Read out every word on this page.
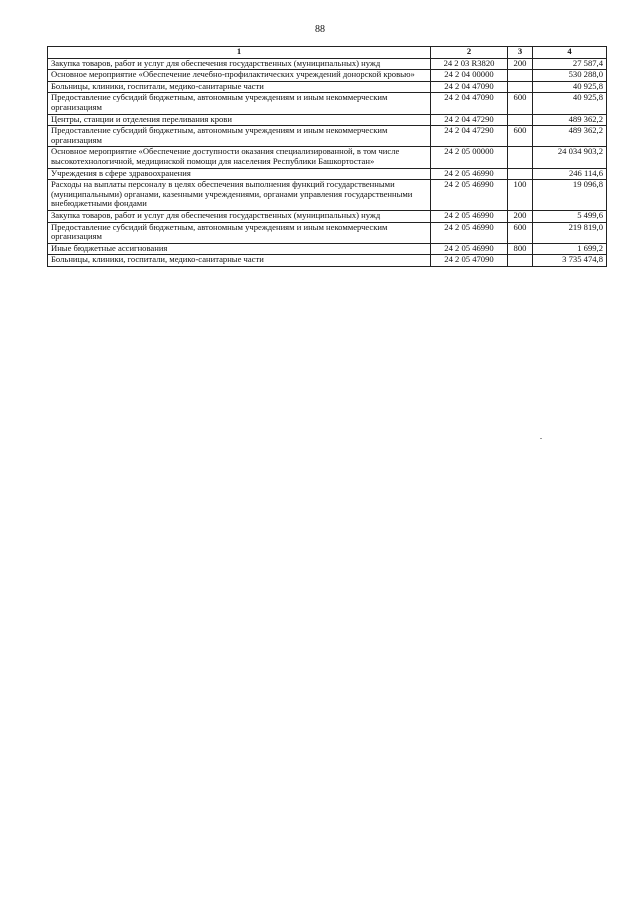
88
1	2	3	4
Закупка товаров, работ и услуг для обеспечения государственных (муниципальных) нужд	24 2 03 R3820	200	27 587,4
Основное мероприятие «Обеспечение лечебно-профилактических учреждений донорской кровью»	24 2 04 00000		530 288,0
Больницы, клиники, госпитали, медико-санитарные части	24 2 04 47090		40 925,8
Предоставление субсидий бюджетным, автономным учреждениям и иным некоммерческим организациям	24 2 04 47090	600	40 925,8
Центры, станции и отделения переливания крови	24 2 04 47290		489 362,2
Предоставление субсидий бюджетным, автономным учреждениям и иным некоммерческим организациям	24 2 04 47290	600	489 362,2
Основное мероприятие «Обеспечение доступности оказания специализированной, в том числе высокотехнологичной, медицинской помощи для населения Республики Башкортостан»	24 2 05 00000		24 034 903,2
Учреждения в сфере здравоохранения	24 2 05 46990		246 114,6
Расходы на выплаты персоналу в целях обеспечения выполнения функций государственными (муниципальными) органами, казенными учреждениями, органами управления государственными внебюджетными фондами	24 2 05 46990	100	19 096,8
Закупка товаров, работ и услуг для обеспечения государственных (муниципальных) нужд	24 2 05 46990	200	5 499,6
Предоставление субсидий бюджетным, автономным учреждениям и иным некоммерческим организациям	24 2 05 46990	600	219 819,0
Иные бюджетные ассигнования	24 2 05 46990	800	1 699,2
Больницы, клиники, госпитали, медико-санитарные части	24 2 05 47090		3 735 474,8
